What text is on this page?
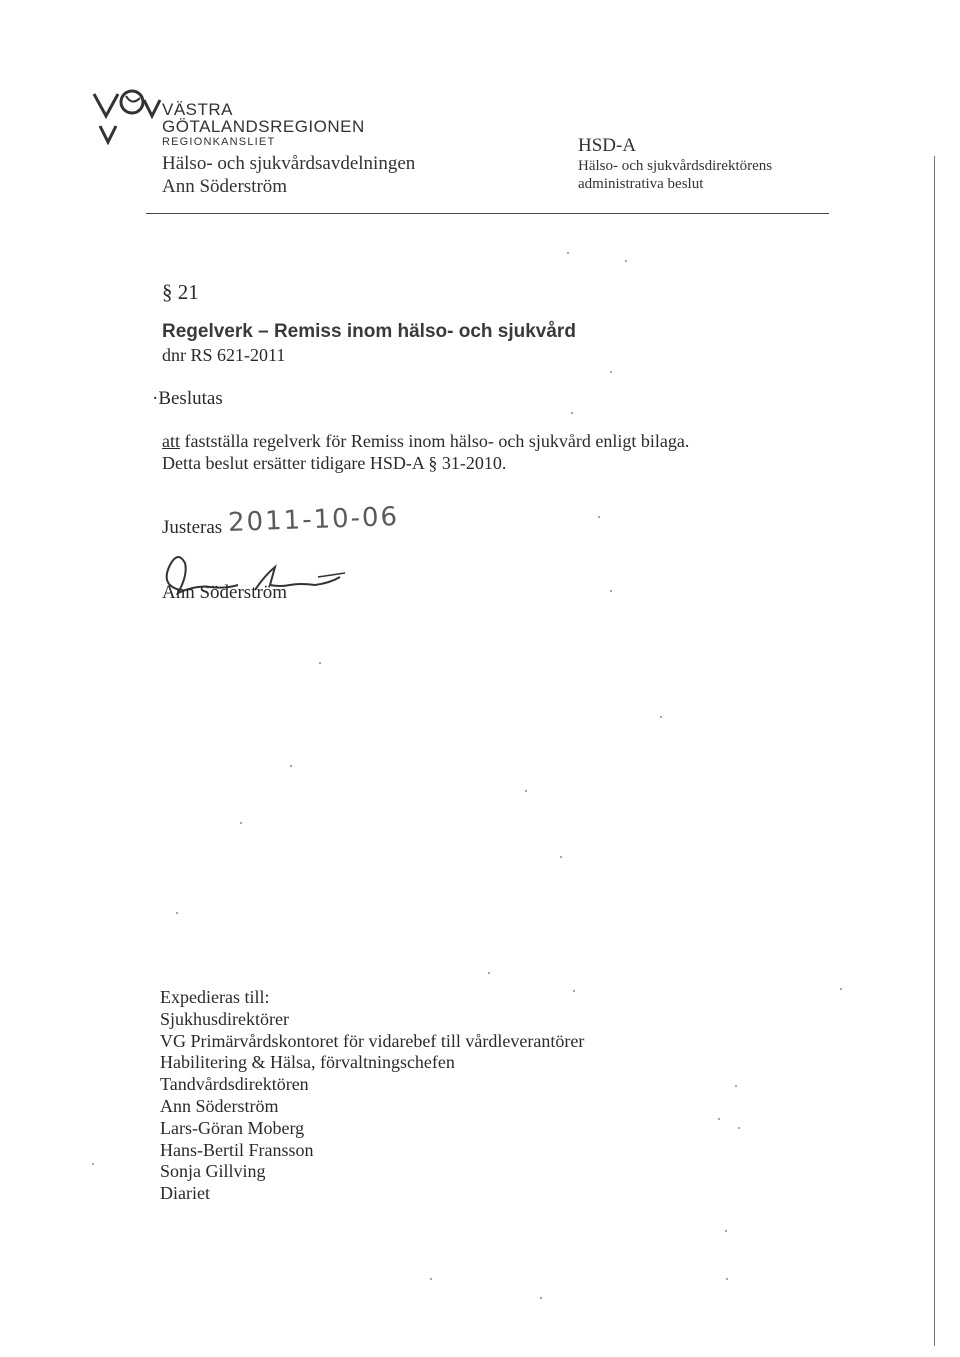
VÄSTRA
GÖTALANDSREGIONEN
REGIONKANSLIET
Hälso- och sjukvårdsavdelningen
Ann Söderström
HSD-A
Hälso- och sjukvårdsdirektörens
administrativa beslut
§ 21
Regelverk – Remiss inom hälso- och sjukvård
dnr RS 621-2011
·Beslutas
att fastställa regelverk för Remiss inom hälso- och sjukvård enligt bilaga.
Detta beslut ersätter tidigare HSD-A § 31-2010.
Justeras 2011-10-06
Ann Söderström
Expedieras till:
Sjukhusdirektörer
VG Primärvårdskontoret för vidarebef till vårdleverantörer
Habilitering & Hälsa, förvaltningschefen
Tandvårdsdirektören
Ann Söderström
Lars-Göran Moberg
Hans-Bertil Fransson
Sonja Gillving
Diariet
